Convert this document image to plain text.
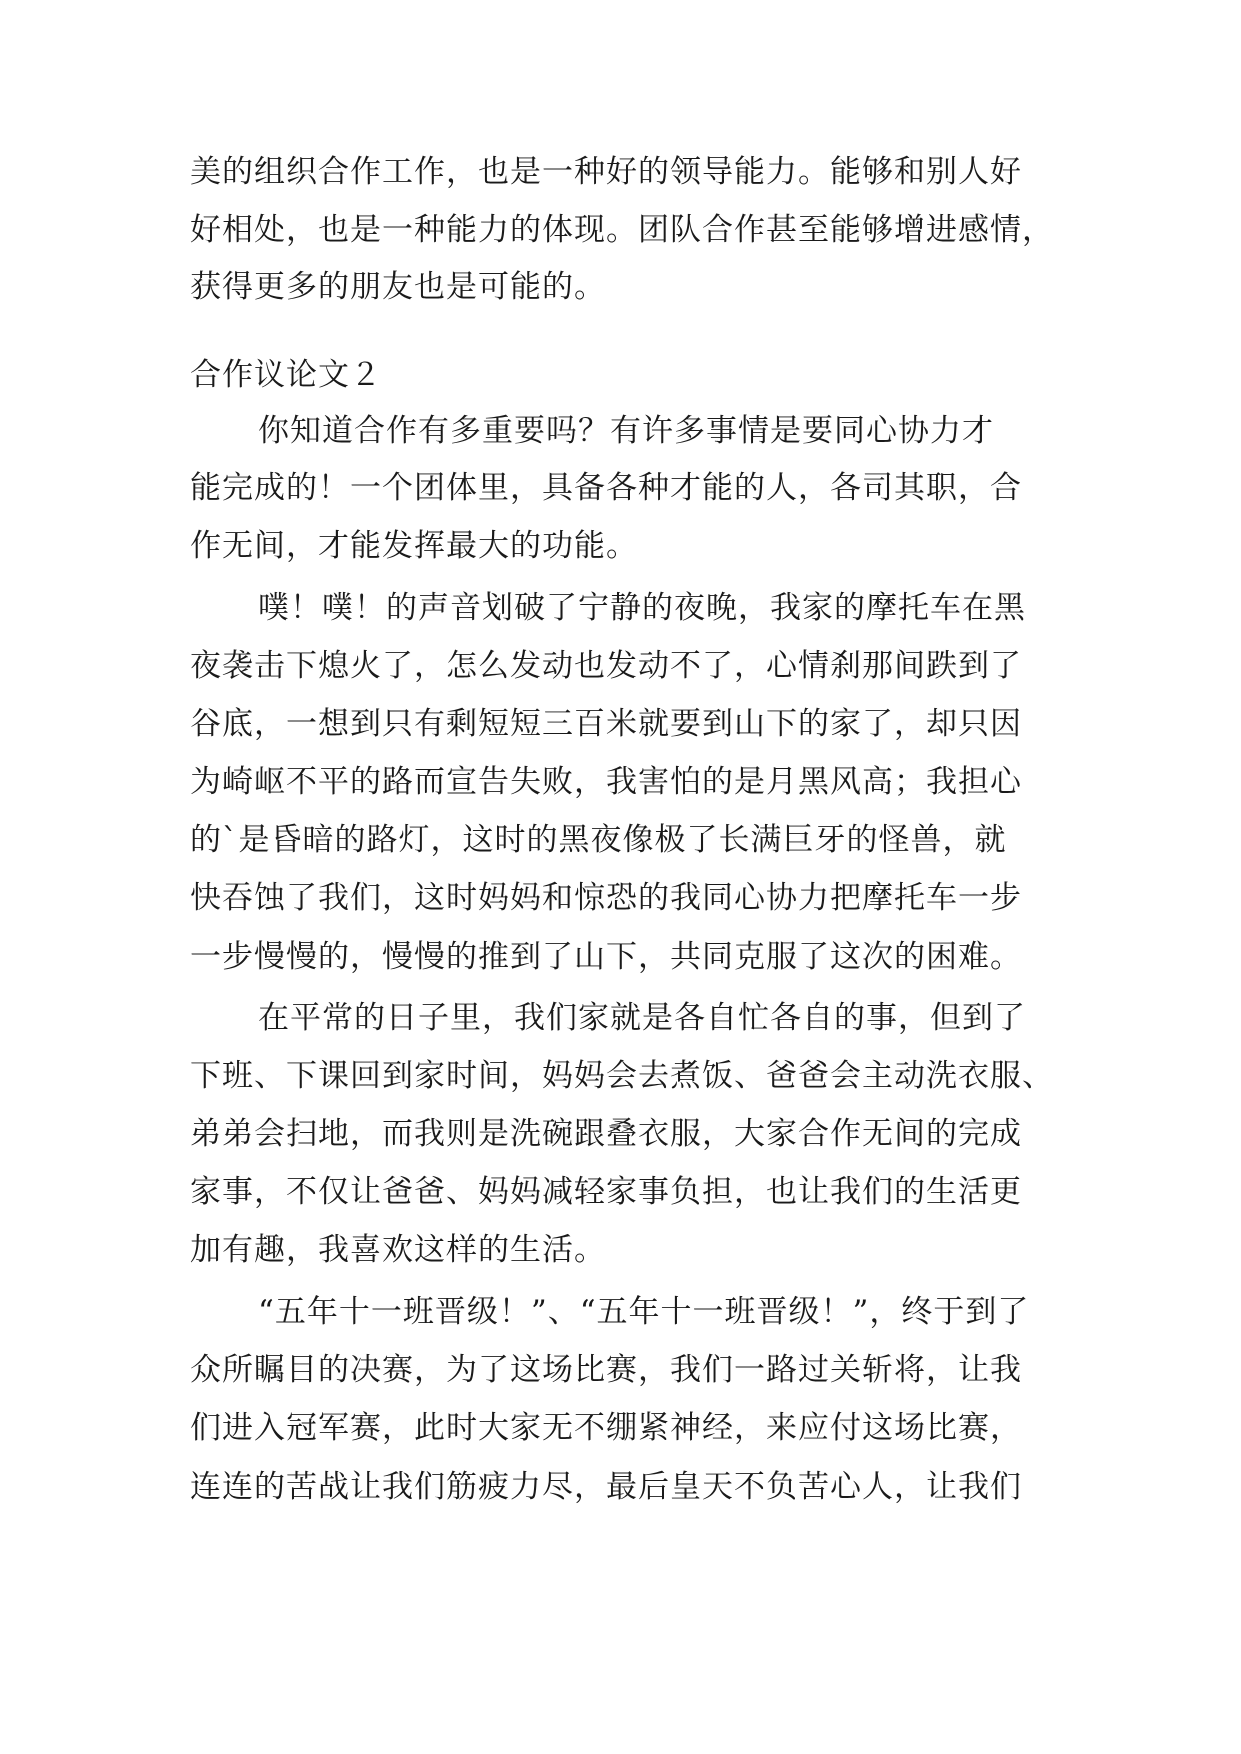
美的组织合作工作，也是一种好的领导能力。能够和别人好
好相处，也是一种能力的体现。团队合作甚至能够增进感情，
获得更多的朋友也是可能的。
合作议论文２
你知道合作有多重要吗？有许多事情是要同心协力才
能完成的！一个团体里，具备各种才能的人，各司其职，合
作无间，才能发挥最大的功能。
噗！噗！的声音划破了宁静的夜晚，我家的摩托车在黑
夜袭击下熄火了，怎么发动也发动不了，心情刹那间跌到了
谷底，一想到只有剩短短三百米就要到山下的家了，却只因
为崎岖不平的路而宣告失败，我害怕的是月黑风高；我担心
的`是昏暗的路灯，这时的黑夜像极了长满巨牙的怪兽，就
快吞蚀了我们，这时妈妈和惊恐的我同心协力把摩托车一步
一步慢慢的，慢慢的推到了山下，共同克服了这次的困难。
在平常的日子里，我们家就是各自忙各自的事，但到了
下班、下课回到家时间，妈妈会去煮饭、爸爸会主动洗衣服、
弟弟会扫地，而我则是洗碗跟叠衣服，大家合作无间的完成
家事，不仅让爸爸、妈妈减轻家事负担，也让我们的生活更
加有趣，我喜欢这样的生活。
“五年十一班晋级！”、“五年十一班晋级！”，终于到了
众所瞩目的决赛，为了这场比赛，我们一路过关斩将，让我
们进入冠军赛，此时大家无不绷紧神经，来应付这场比赛，
连连的苦战让我们筋疲力尽，最后皇天不负苦心人，让我们
